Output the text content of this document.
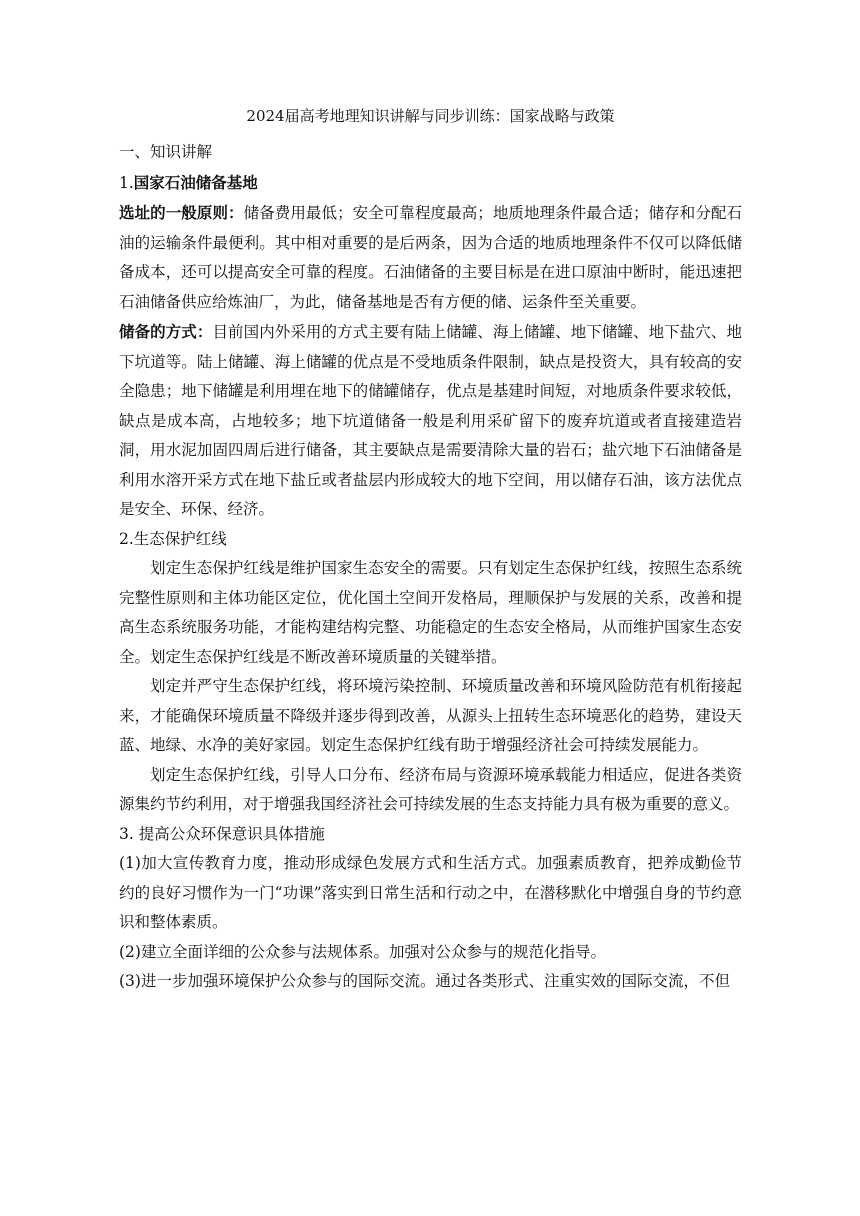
2024届高考地理知识讲解与同步训练：国家战略与政策
一、知识讲解
1.国家石油储备基地

选址的一般原则：储备费用最低；安全可靠程度最高；地质地理条件最合适；储存和分配石油的运输条件最便利。其中相对重要的是后两条，因为合适的地质地理条件不仅可以降低储备成本，还可以提高安全可靠的程度。石油储备的主要目标是在进口原油中断时，能迅速把石油储备供应给炼油厂，为此，储备基地是否有方便的储、运条件至关重要。

储备的方式：目前国内外采用的方式主要有陆上储罐、海上储罐、地下储罐、地下盐穴、地下坑道等。陆上储罐、海上储罐的优点是不受地质条件限制，缺点是投资大，具有较高的安全隐患；地下储罐是利用埋在地下的储罐储存，优点是基建时间短，对地质条件要求较低，缺点是成本高，占地较多；地下坑道储备一般是利用采矿留下的废弃坑道或者直接建造岩洞，用水泥加固四周后进行储备，其主要缺点是需要清除大量的岩石；盐穴地下石油储备是利用水溶开采方式在地下盐丘或者盐层内形成较大的地下空间，用以储存石油，该方法优点是安全、环保、经济。

2.生态保护红线

划定生态保护红线是维护国家生态安全的需要。只有划定生态保护红线，按照生态系统完整性原则和主体功能区定位，优化国土空间开发格局，理顺保护与发展的关系，改善和提高生态系统服务功能，才能构建结构完整、功能稳定的生态安全格局，从而维护国家生态安全。划定生态保护红线是不断改善环境质量的关键举措。

划定并严守生态保护红线，将环境污染控制、环境质量改善和环境风险防范有机衔接起来，才能确保环境质量不降级并逐步得到改善，从源头上扭转生态环境恶化的趋势，建设天蓝、地绿、水净的美好家园。划定生态保护红线有助于增强经济社会可持续发展能力。

划定生态保护红线，引导人口分布、经济布局与资源环境承载能力相适应，促进各类资源集约节约利用，对于增强我国经济社会可持续发展的生态支持能力具有极为重要的意义。

3. 提高公众环保意识具体措施

(1)加大宣传教育力度，推动形成绿色发展方式和生活方式。加强素质教育，把养成勤俭节约的良好习惯作为一门“功课”落实到日常生活和行动之中，在潜移默化中增强自身的节约意识和整体素质。

(2)建立全面详细的公众参与法规体系。加强对公众参与的规范化指导。

(3)进一步加强环境保护公众参与的国际交流。通过各类形式、注重实效的国际交流，不但
